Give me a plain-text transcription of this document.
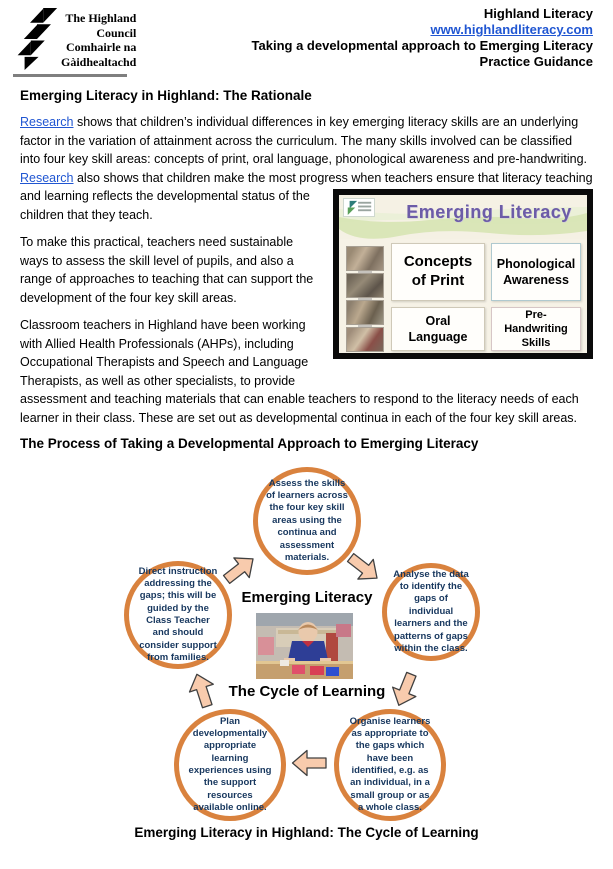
The Highland
Council
Comhairle na
Gàidhealtachd
Highland Literacy
www.highlandliteracy.com
Taking a developmental approach to Emerging Literacy
Practice Guidance
Emerging Literacy in Highland: The Rationale
Research shows that children’s individual differences in key emerging literacy skills are an underlying factor in the variation of attainment across the curriculum. The many skills involved can be classified into four key skill areas: concepts of print, oral language, phonological awareness and pre-handwriting. Research also shows that children make the most progress when teachers
Emerging Literacy
Concepts of Print
Phonological Awareness
Oral Language
Pre-Handwriting Skills
ensure that literacy teaching and learning reflects the developmental status of the children that they teach.
To make this practical, teachers need sustainable ways to assess the skill level of pupils, and also a range of approaches to teaching that can support the development of the four key skill areas.
Classroom teachers in Highland have been working with Allied Health Professionals (AHPs), including Occupational Therapists and Speech and Language Therapists, as well as other specialists, to provide assessment and teaching materials that can enable teachers to respond to the literacy needs of each learner in their class. These are set out as developmental continua in each of the four key skill areas.
The Process of Taking a Developmental Approach to Emerging Literacy
Assess the skills of learners across the four key skill areas using the continua and assessment materials.
Analyse the data to identify the gaps of individual learners and the patterns of gaps within the class.
Organise learners as appropriate to the gaps which have been identified, e.g. as an individual, in a small group or as a whole class.
Plan developmentally appropriate learning experiences using the support resources available online.
Direct instruction addressing the gaps; this will be guided by the Class Teacher and should consider support from families.
Emerging Literacy
The Cycle of Learning
Emerging Literacy in Highland: The Cycle of Learning
